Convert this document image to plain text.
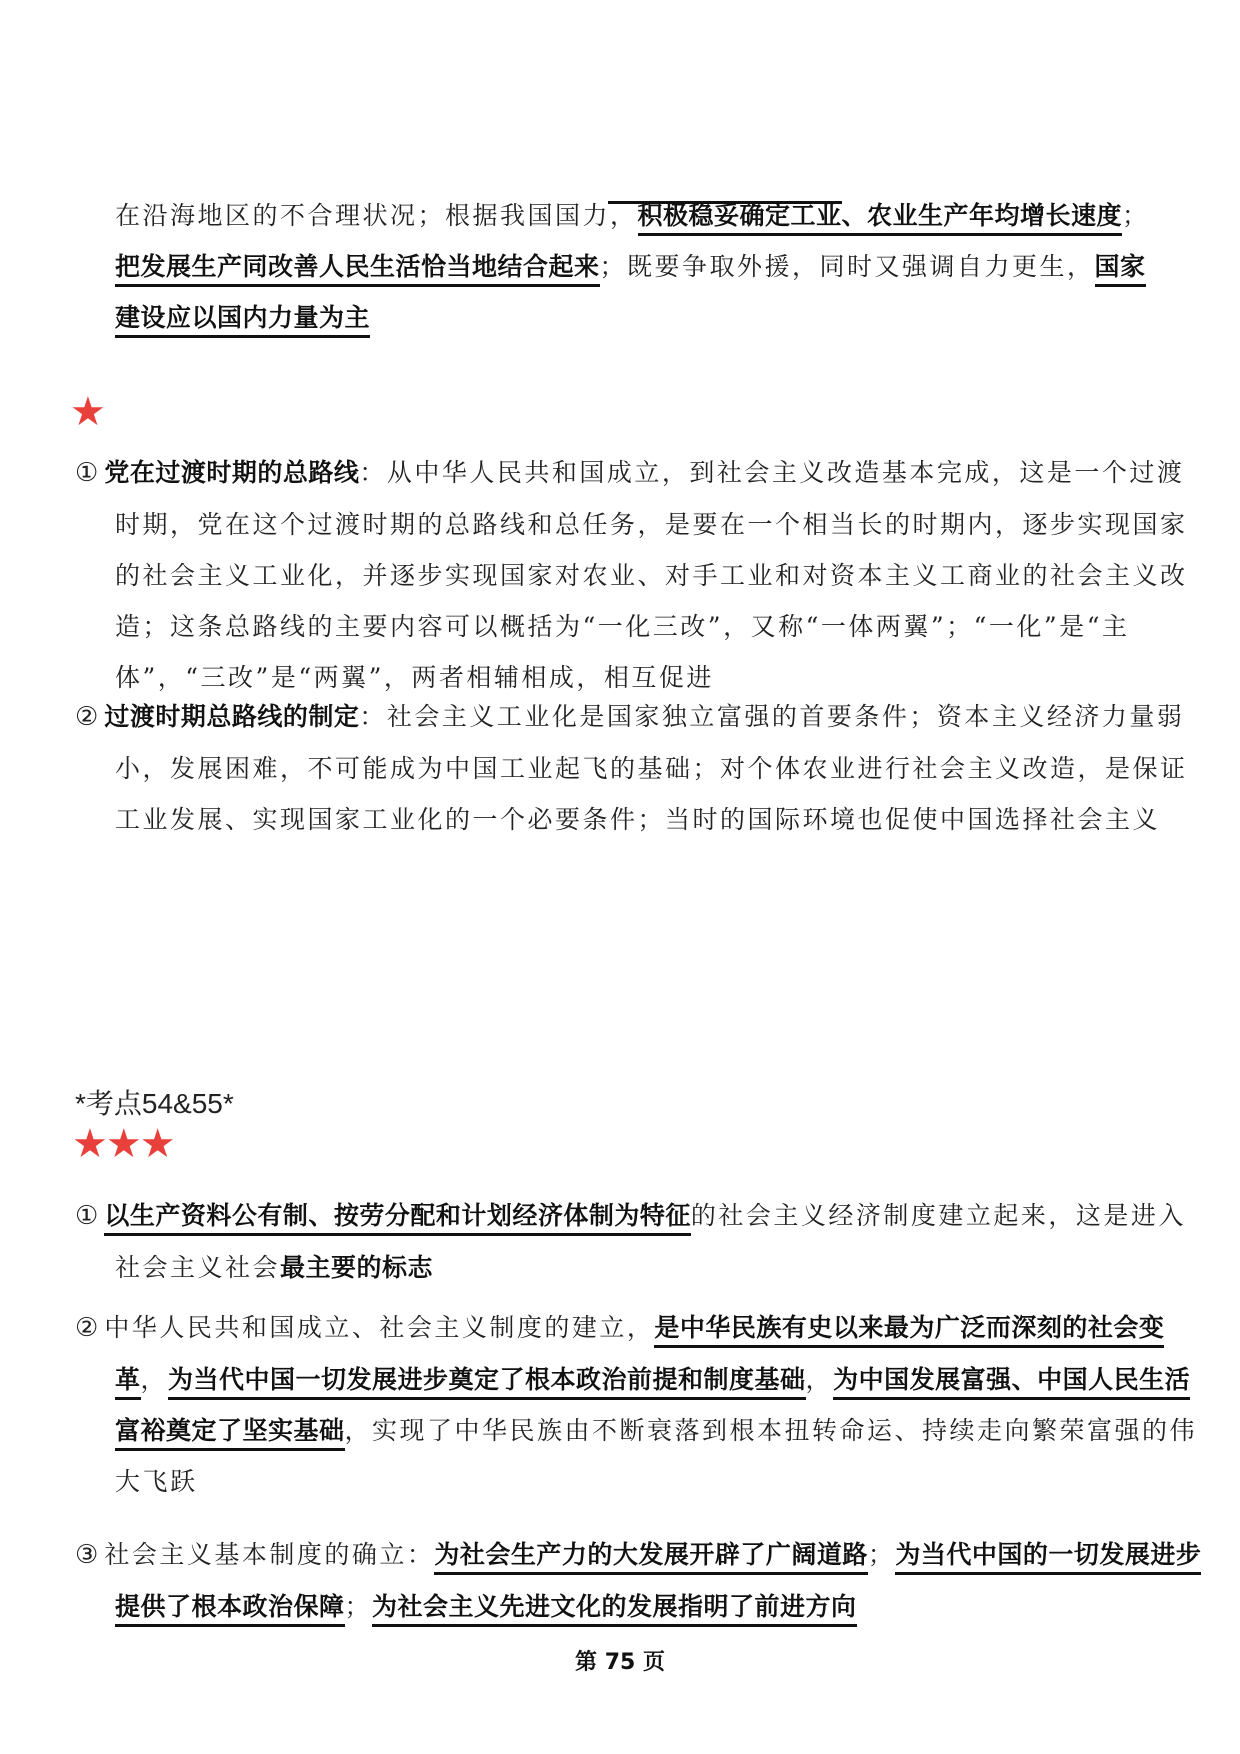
在沿海地区的不合理状况；根据我国国力，积极稳妥确定工业、农业生产年均增长速度；把发展生产同改善人民生活恰当地结合起来；既要争取外援，同时又强调自力更生，国家建设应以国内力量为主
★
① 党在过渡时期的总路线：从中华人民共和国成立，到社会主义改造基本完成，这是一个过渡时期，党在这个过渡时期的总路线和总任务，是要在一个相当长的时期内，逐步实现国家的社会主义工业化，并逐步实现国家对农业、对手工业和对资本主义工商业的社会主义改造；这条总路线的主要内容可以概括为“一化三改”，又称“一体两翼”；“一化”是“主体”，“三改”是“两翼”，两者相辅相成，相互促进
② 过渡时期总路线的制定：社会主义工业化是国家独立富强的首要条件；资本主义经济力量弱小，发展困难，不可能成为中国工业起飞的基础；对个体农业进行社会主义改造，是保证工业发展、实现国家工业化的一个必要条件；当时的国际环境也促使中国选择社会主义
*考点54&55*
★★★
① 以生产资料公有制、按劳分配和计划经济体制为特征的社会主义经济制度建立起来，这是进入社会主义社会最主要的标志
② 中华人民共和国成立、社会主义制度的建立，是中华民族有史以来最为广泛而深刻的社会变革，为当代中国一切发展进步奠定了根本政治前提和制度基础，为中国发展富强、中国人民生活富裕奠定了坚实基础，实现了中华民族由不断衰落到根本扭转命运、持续走向繁荣富强的伟大飞跃
③ 社会主义基本制度的确立：为社会生产力的大发展开辟了广阔道路；为当代中国的一切发展进步提供了根本政治保障；为社会主义先进文化的发展指明了前进方向
第 75 页
